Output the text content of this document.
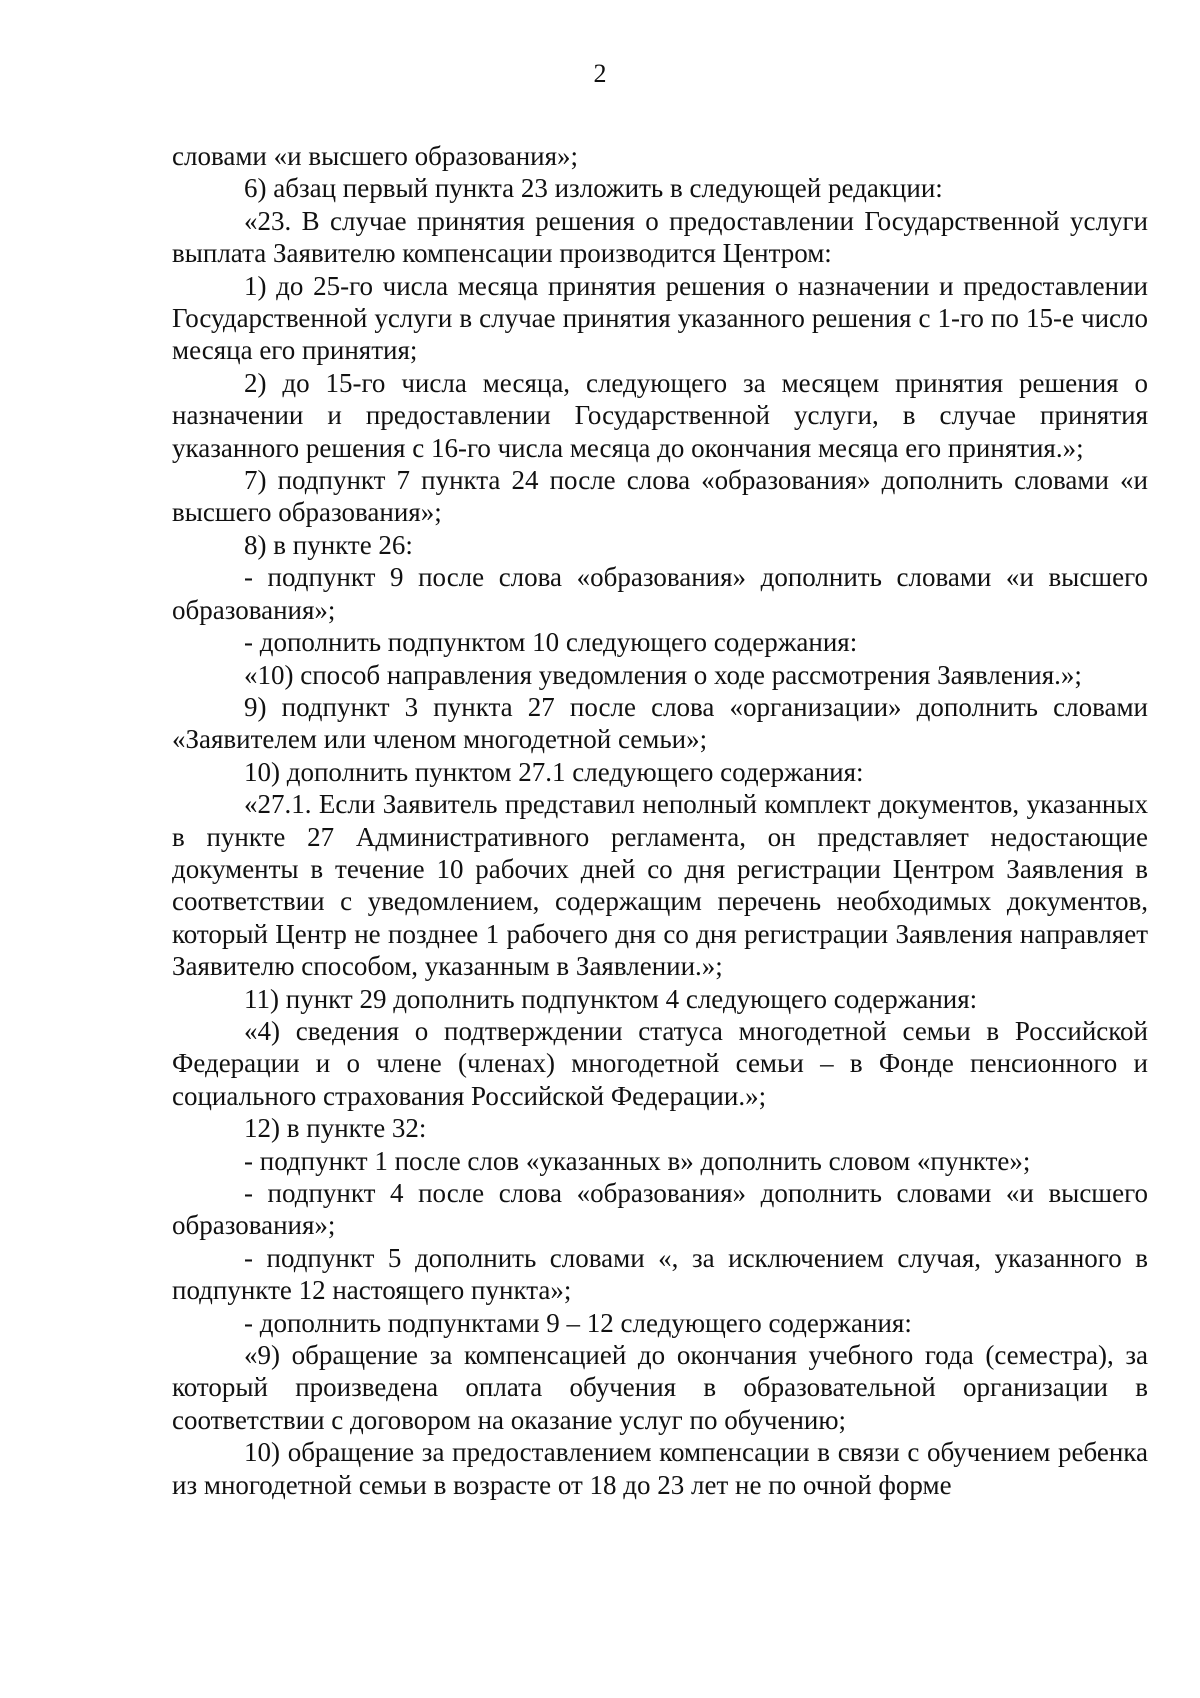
2

словами «и высшего образования»;

6) абзац первый пункта 23 изложить в следующей редакции:

«23. В случае принятия решения о предоставлении Государственной услуги выплата Заявителю компенсации производится Центром:

1) до 25-го числа месяца принятия решения о назначении и предоставлении Государственной услуги в случае принятия указанного решения с 1-го по 15-е число месяца его принятия;

2) до 15-го числа месяца, следующего за месяцем принятия решения о назначении и предоставлении Государственной услуги, в случае принятия указанного решения с 16-го числа месяца до окончания месяца его принятия.»;

7) подпункт 7 пункта 24 после слова «образования» дополнить словами «и высшего образования»;

8) в пункте 26:

- подпункт 9 после слова «образования» дополнить словами «и высшего образования»;

- дополнить подпунктом 10 следующего содержания:

«10) способ направления уведомления о ходе рассмотрения Заявления.»;

9) подпункт 3 пункта 27 после слова «организации» дополнить словами «Заявителем или членом многодетной семьи»;

10) дополнить пунктом 27.1 следующего содержания:

«27.1. Если Заявитель представил неполный комплект документов, указанных в пункте 27 Административного регламента, он представляет недостающие документы в течение 10 рабочих дней со дня регистрации Центром Заявления в соответствии с уведомлением, содержащим перечень необходимых документов, который Центр не позднее 1 рабочего дня со дня регистрации Заявления направляет Заявителю способом, указанным в Заявлении.»;

11) пункт 29 дополнить подпунктом 4 следующего содержания:

«4) сведения о подтверждении статуса многодетной семьи в Российской Федерации и о члене (членах) многодетной семьи – в Фонде пенсионного и социального страхования Российской Федерации.»;

12) в пункте 32:

- подпункт 1 после слов «указанных в» дополнить словом «пункте»;

- подпункт 4 после слова «образования» дополнить словами «и высшего образования»;

- подпункт 5 дополнить словами «, за исключением случая, указанного в подпункте 12 настоящего пункта»;

- дополнить подпунктами 9 – 12 следующего содержания:

«9) обращение за компенсацией до окончания учебного года (семестра), за который произведена оплата обучения в образовательной организации в соответствии с договором на оказание услуг по обучению;

10) обращение за предоставлением компенсации в связи с обучением ребенка из многодетной семьи в возрасте от 18 до 23 лет не по очной форме
